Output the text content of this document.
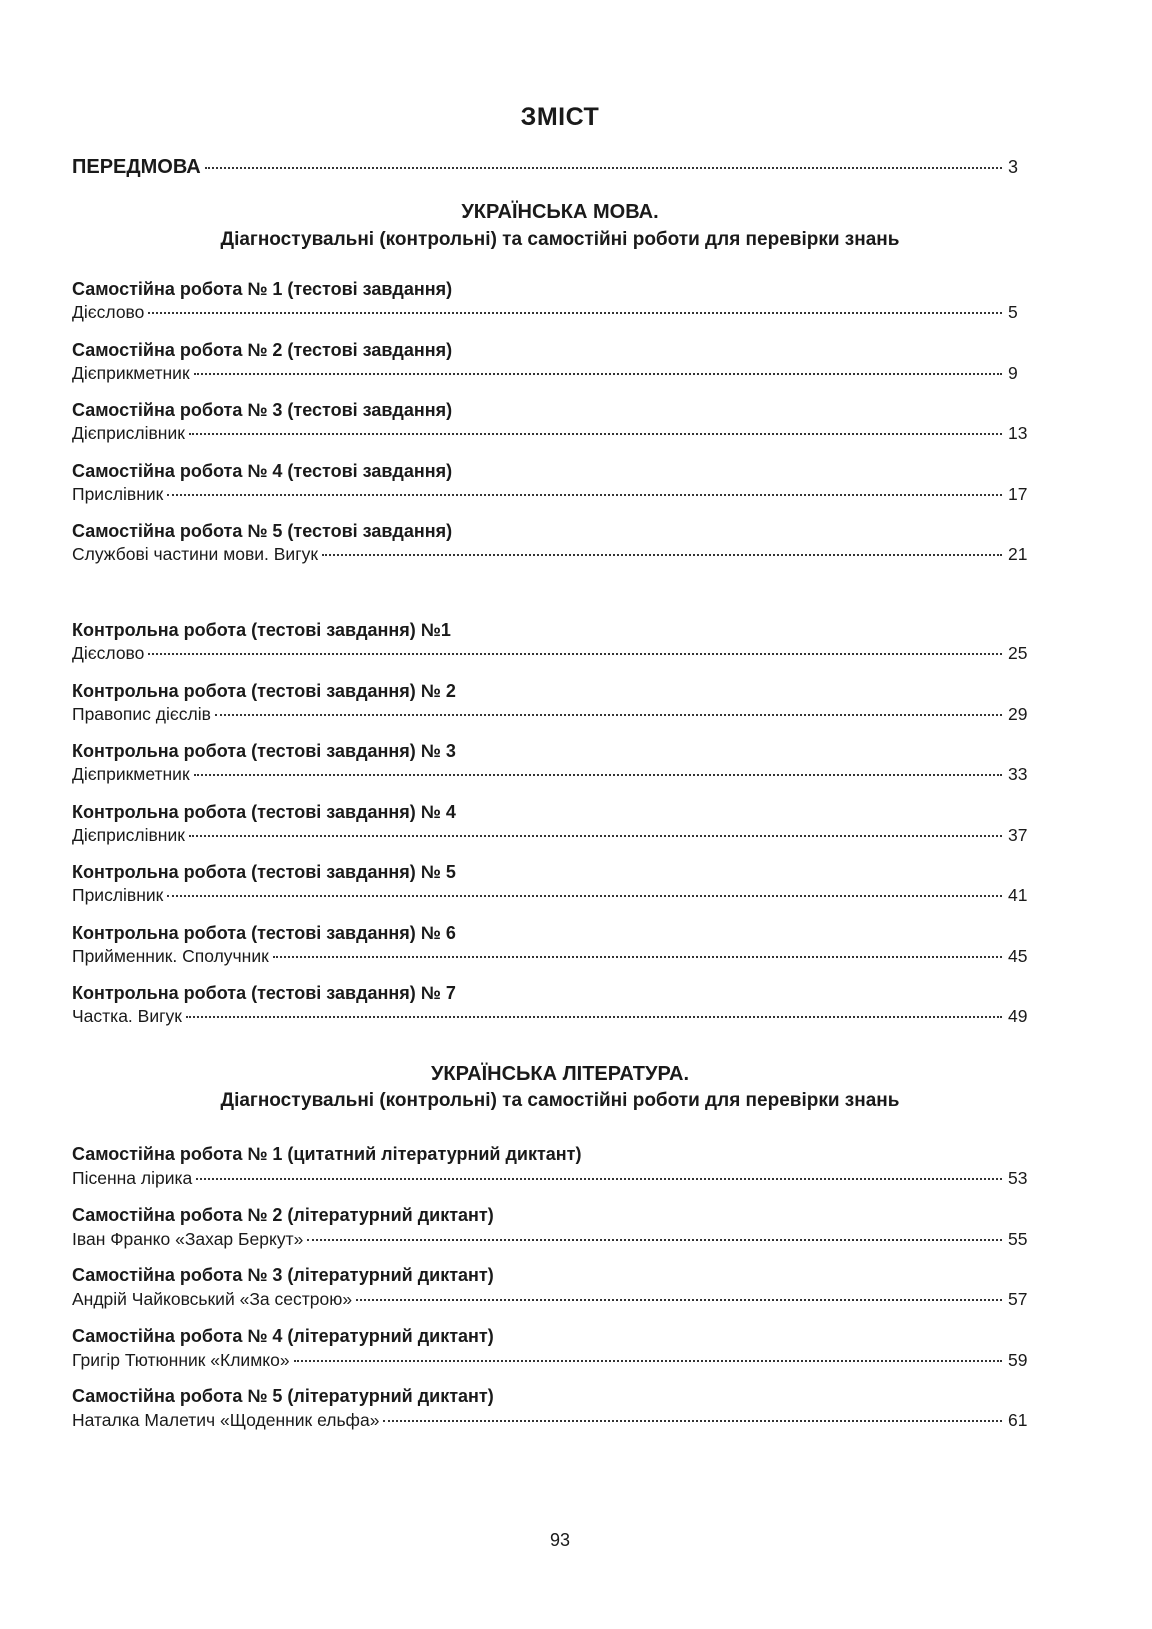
ЗМІСТ
ПЕРЕДМОВА	3
УКРАЇНСЬКА МОВА.
Діагностувальні (контрольні) та самостійні роботи для перевірки знань
Самостійна робота № 1 (тестові завдання)
Дієслово	5
Самостійна робота № 2 (тестові завдання)
Дієприкметник	9
Самостійна робота № 3 (тестові завдання)
Дієприслівник	13
Самостійна робота № 4 (тестові завдання)
Прислівник	17
Самостійна робота № 5 (тестові завдання)
Службові частини мови. Вигук	21
Контрольна робота (тестові завдання) №1
Дієслово	25
Контрольна робота (тестові завдання) № 2
Правопис дієслів	29
Контрольна робота (тестові завдання) № 3
Дієприкметник	33
Контрольна робота (тестові завдання) № 4
Дієприслівник	37
Контрольна робота (тестові завдання) № 5
Прислівник	41
Контрольна робота (тестові завдання) № 6
Прийменник. Сполучник	45
Контрольна робота (тестові завдання) № 7
Частка. Вигук	49
УКРАЇНСЬКА ЛІТЕРАТУРА.
Діагностувальні (контрольні) та самостійні роботи для перевірки знань
Самостійна робота № 1 (цитатний літературний диктант)
Пісенна лірика	53
Самостійна робота № 2 (літературний диктант)
Іван Франко «Захар Беркут»	55
Самостійна робота № 3 (літературний диктант)
Андрій Чайковський «За сестрою»	57
Самостійна робота № 4 (літературний диктант)
Григір Тютюнник «Климко»	59
Самостійна робота № 5 (літературний диктант)
Наталка Малетич «Щоденник ельфа»	61
93
